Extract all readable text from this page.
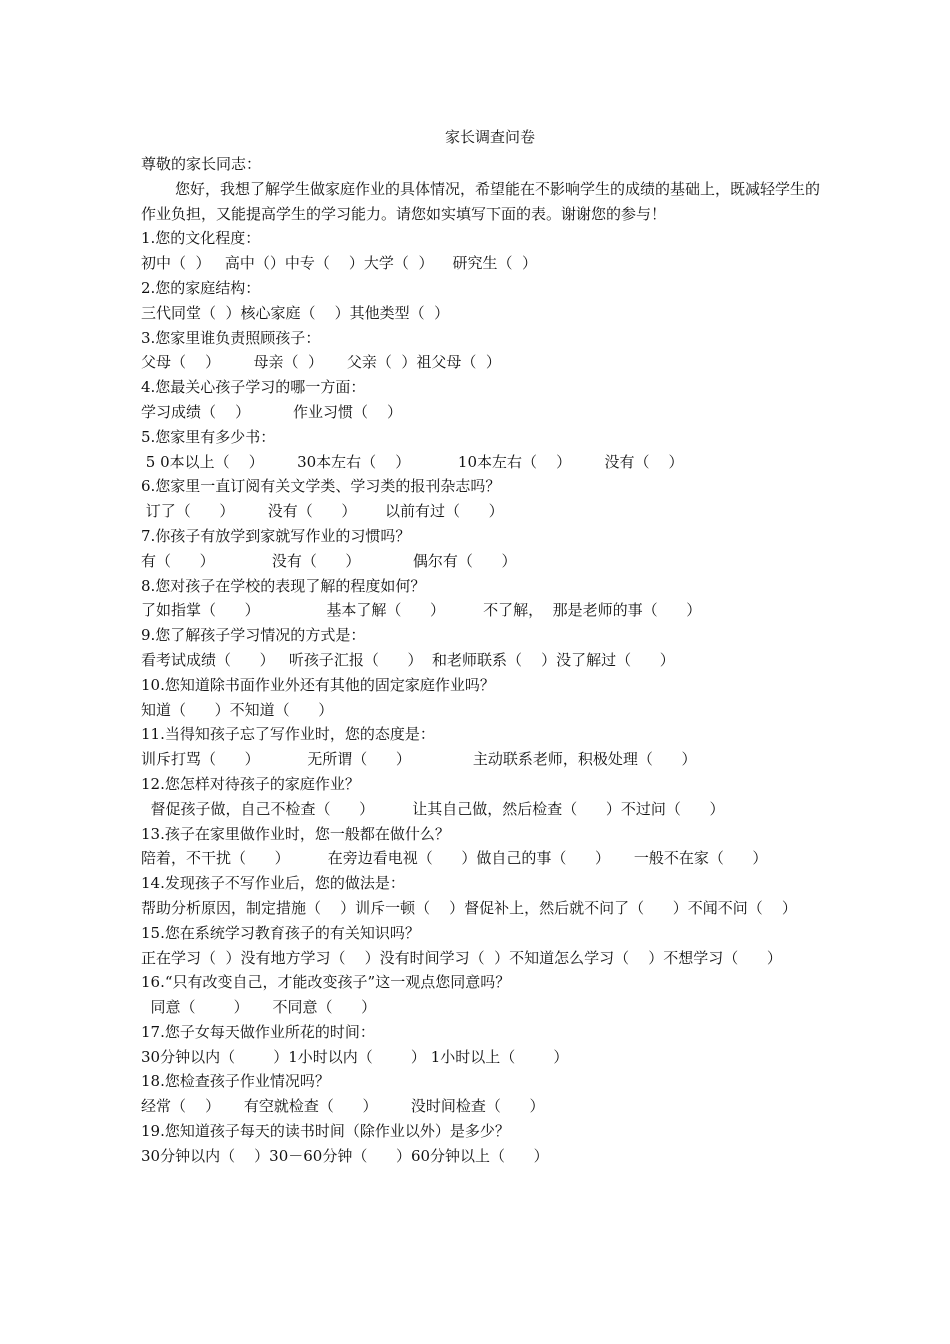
家长调查问卷
尊敬的家长同志：
您好，我想了解学生做家庭作业的具体情况，希望能在不影响学生的成绩的基础上，既减轻学生的作业负担，又能提高学生的学习能力。请您如实填写下面的表。谢谢您的参与！
1.您的文化程度：
初中（  ）   高中（）中专（    ）大学（  ）    研究生（  ）
2.您的家庭结构：
三代同堂（  ）核心家庭（    ）其他类型（  ）
3.您家里谁负责照顾孩子：
父母（    ）       母亲（  ）     父亲（  ）祖父母（  ）
4.您最关心孩子学习的哪一方面：
学习成绩（    ）         作业习惯（    ）
5.您家里有多少书：
5 0本以上（    ）       30本左右（    ）          10本左右（    ）       没有（    ）
6.您家里一直订阅有关文学类、学习类的报刊杂志吗？
订了（      ）       没有（      ）      以前有过（      ）
7.你孩子有放学到家就写作业的习惯吗？
有（      ）            没有（      ）           偶尔有（      ）
8.您对孩子在学校的表现了解的程度如何？
了如指掌（      ）              基本了解（      ）        不了解，  那是老师的事（      ）
9.您了解孩子学习情况的方式是：
看考试成绩（      ）   听孩子汇报（      ）  和老师联系（    ）没了解过（      ）
10.您知道除书面作业外还有其他的固定家庭作业吗？
知道（      ）不知道（      ）
11.当得知孩子忘了写作业时，您的态度是：
训斥打骂（      ）          无所谓（      ）             主动联系老师，积极处理（      ）
12.您怎样对待孩子的家庭作业？
督促孩子做，自己不检查（      ）        让其自己做，然后检查（      ）不过问（      ）
13.孩子在家里做作业时，您一般都在做什么？
陪着，不干扰（      ）        在旁边看电视（      ）做自己的事（      ）     一般不在家（      ）
14.发现孩子不写作业后，您的做法是：
帮助分析原因，制定措施（    ）训斥一顿（    ）督促补上，然后就不问了（      ）不闻不问（    ）
15.您在系统学习教育孩子的有关知识吗？
正在学习（  ）没有地方学习（    ）没有时间学习（  ）不知道怎么学习（    ）不想学习（      ）
16.“只有改变自己，才能改变孩子”这一观点您同意吗？
同意（        ）     不同意（      ）
17.您子女每天做作业所花的时间：
30分钟以内（        ）1小时以内（        ） 1小时以上（        ）
18.您检查孩子作业情况吗？
经常（    ）     有空就检查（      ）       没时间检查（      ）
19.您知道孩子每天的读书时间（除作业以外）是多少？
30分钟以内（    ）30－60分钟（      ）60分钟以上（      ）
